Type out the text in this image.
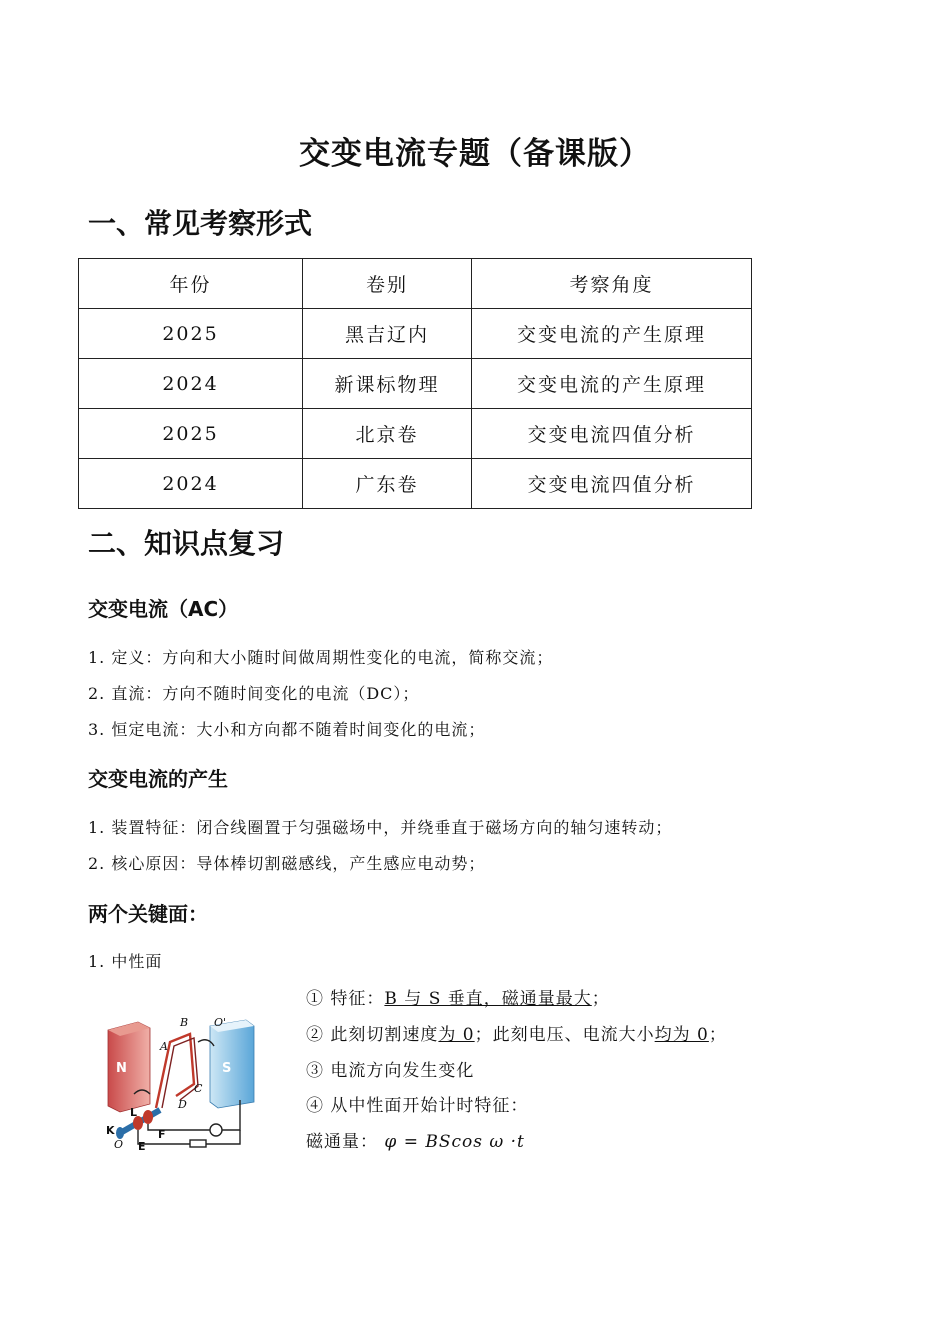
交变电流专题（备课版）
一、常见考察形式
年份	卷别	考察角度
2025	黑吉辽内	交变电流的产生原理
2024	新课标物理	交变电流的产生原理
2025	北京卷	交变电流四值分析
2024	广东卷	交变电流四值分析
二、知识点复习
交变电流（AC）
1. 定义：方向和大小随时间做周期性变化的电流，简称交流；
2. 直流：方向不随时间变化的电流（DC）；
3. 恒定电流：大小和方向都不随着时间变化的电流；
交变电流的产生
1. 装置特征：闭合线圈置于匀强磁场中，并绕垂直于磁场方向的轴匀速转动；
2. 核心原因：导体棒切割磁感线，产生感应电动势；
两个关键面：
1. 中性面
N	S
B O'
A
C
D
O
L
K	F
E
① 特征：B 与 S 垂直，磁通量最大；
② 此刻切割速度为 0；此刻电压、电流大小均为 0；
③ 电流方向发生变化
④ 从中性面开始计时特征：
磁通量： φ = BScos ω ·t
